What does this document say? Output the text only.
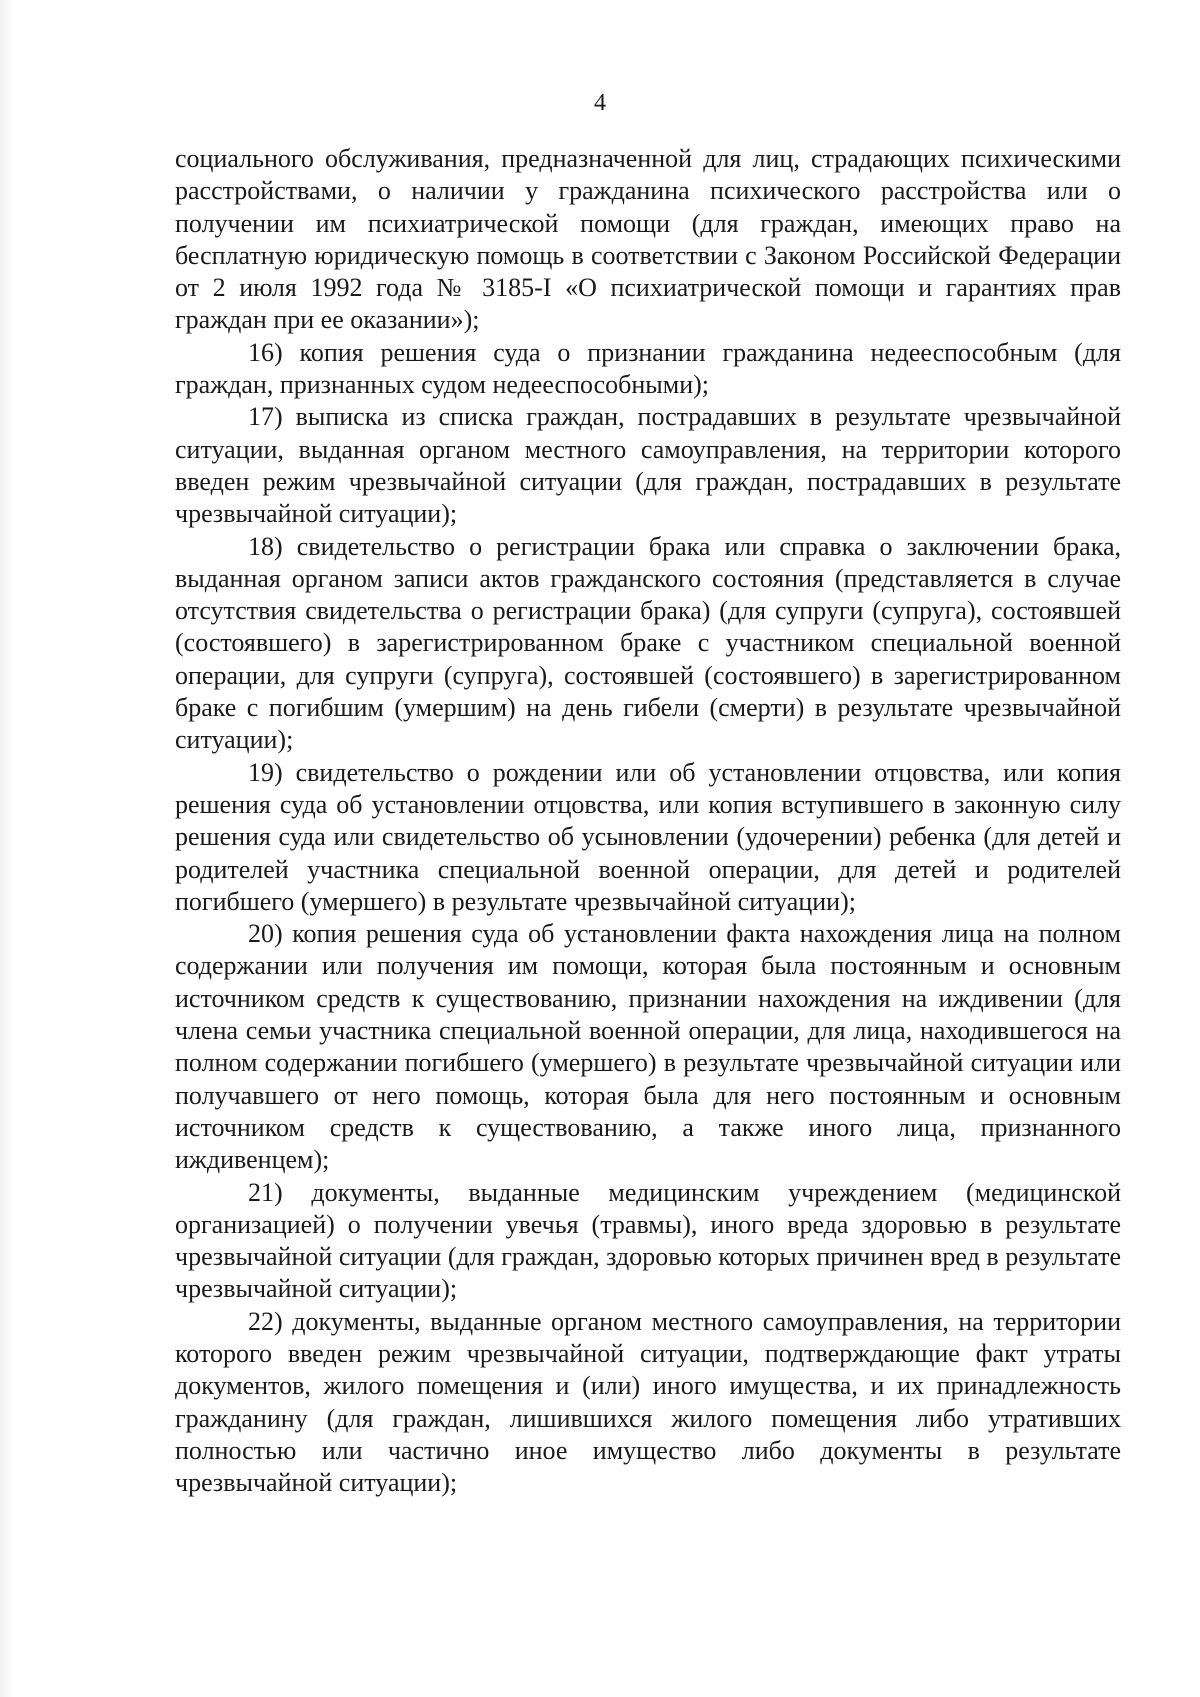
4

социального обслуживания, предназначенной для лиц, страдающих психическими расстройствами, о наличии у гражданина психического расстройства или о получении им психиатрической помощи (для граждан, имеющих право на бесплатную юридическую помощь в соответствии с Законом Российской Федерации от 2 июля 1992 года № 3185-I «О психиатрической помощи и гарантиях прав граждан при ее оказании»);

16) копия решения суда о признании гражданина недееспособным (для граждан, признанных судом недееспособными);

17) выписка из списка граждан, пострадавших в результате чрезвычайной ситуации, выданная органом местного самоуправления, на территории которого введен режим чрезвычайной ситуации (для граждан, пострадавших в результате чрезвычайной ситуации);

18) свидетельство о регистрации брака или справка о заключении брака, выданная органом записи актов гражданского состояния (представляется в случае отсутствия свидетельства о регистрации брака) (для супруги (супруга), состоявшей (состоявшего) в зарегистрированном браке с участником специальной военной операции, для супруги (супруга), состоявшей (состоявшего) в зарегистрированном браке с погибшим (умершим) на день гибели (смерти) в результате чрезвычайной ситуации);

19) свидетельство о рождении или об установлении отцовства, или копия решения суда об установлении отцовства, или копия вступившего в законную силу решения суда или свидетельство об усыновлении (удочерении) ребенка (для детей и родителей участника специальной военной операции, для детей и родителей погибшего (умершего) в результате чрезвычайной ситуации);

20) копия решения суда об установлении факта нахождения лица на полном содержании или получения им помощи, которая была постоянным и основным источником средств к существованию, признании нахождения на иждивении (для члена семьи участника специальной военной операции, для лица, находившегося на полном содержании погибшего (умершего) в результате чрезвычайной ситуации или получавшего от него помощь, которая была для него постоянным и основным источником средств к существованию, а также иного лица, признанного иждивенцем);

21) документы, выданные медицинским учреждением (медицинской организацией) о получении увечья (травмы), иного вреда здоровью в результате чрезвычайной ситуации (для граждан, здоровью которых причинен вред в результате чрезвычайной ситуации);

22) документы, выданные органом местного самоуправления, на территории которого введен режим чрезвычайной ситуации, подтверждающие факт утраты документов, жилого помещения и (или) иного имущества, и их принадлежность гражданину (для граждан, лишившихся жилого помещения либо утративших полностью или частично иное имущество либо документы в результате чрезвычайной ситуации);
